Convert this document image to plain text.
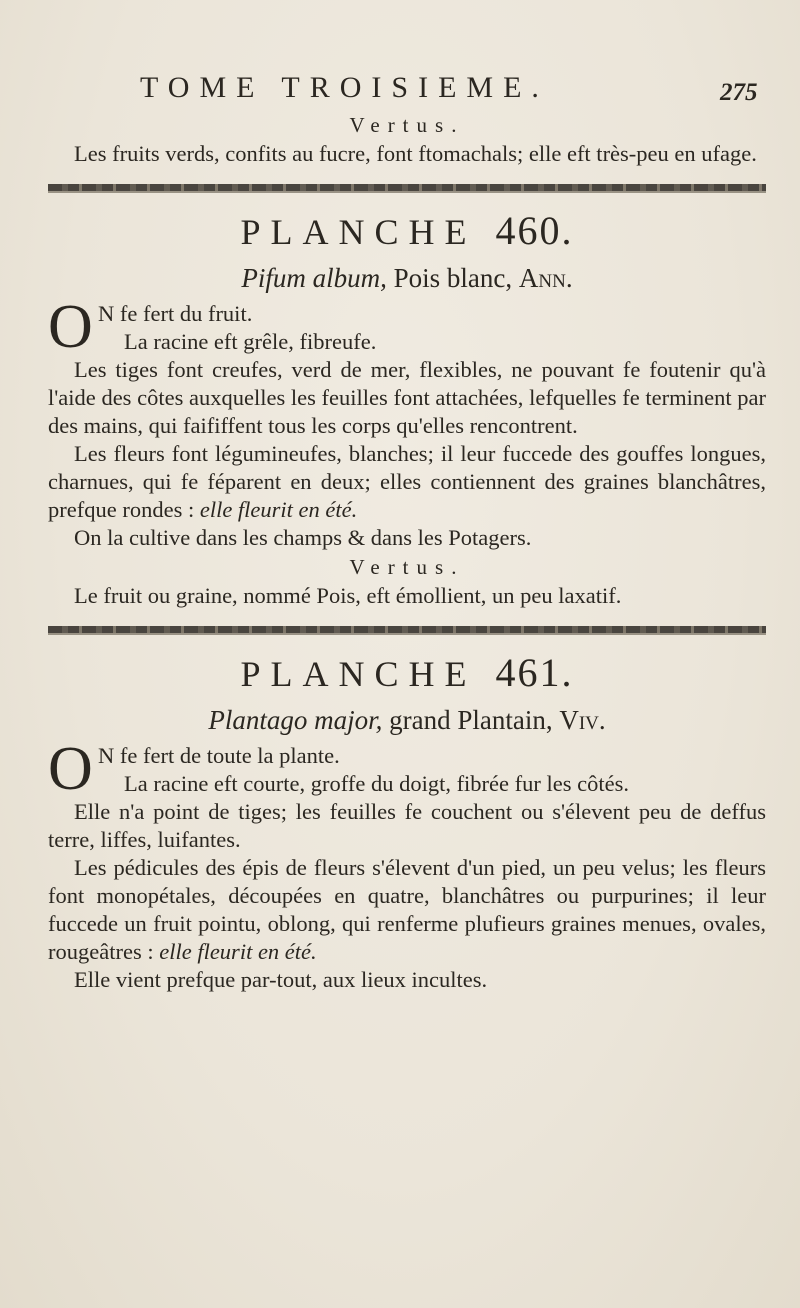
TOME TROISIEME.	275
Vertus.

Les fruits verds, confits au fucre, font ftomachals; elle eft très-peu en ufage.

PLANCHE 460.
Pifum album, Pois blanc, Ann.
O N fe fert du fruit.

La racine eft grêle, fibreufe.

Les tiges font creufes, verd de mer, flexibles, ne pouvant fe foutenir qu'à l'aide des côtes auxquelles les feuilles font attachées, lefquelles fe terminent par des mains, qui faififfent tous les corps qu'elles rencontrent.

Les fleurs font légumineufes, blanches; il leur fuccede des gouffes longues, charnues, qui fe féparent en deux; elles contiennent des graines blanchâtres, prefque rondes : elle fleurit en été.

On la cultive dans les champs & dans les Potagers.

Vertus.

Le fruit ou graine, nommé Pois, eft émollient, un peu laxatif.

PLANCHE 461.
Plantago major, grand Plantain, Viv.
O N fe fert de toute la plante.

La racine eft courte, groffe du doigt, fibrée fur les côtés.

Elle n'a point de tiges; les feuilles fe couchent ou s'élevent peu de deffus terre, liffes, luifantes.

Les pédicules des épis de fleurs s'élevent d'un pied, un peu velus; les fleurs font monopétales, découpées en quatre, blanchâtres ou purpurines; il leur fuccede un fruit pointu, oblong, qui renferme plufieurs graines menues, ovales, rougeâtres : elle fleurit en été.

Elle vient prefque par-tout, aux lieux incultes.
